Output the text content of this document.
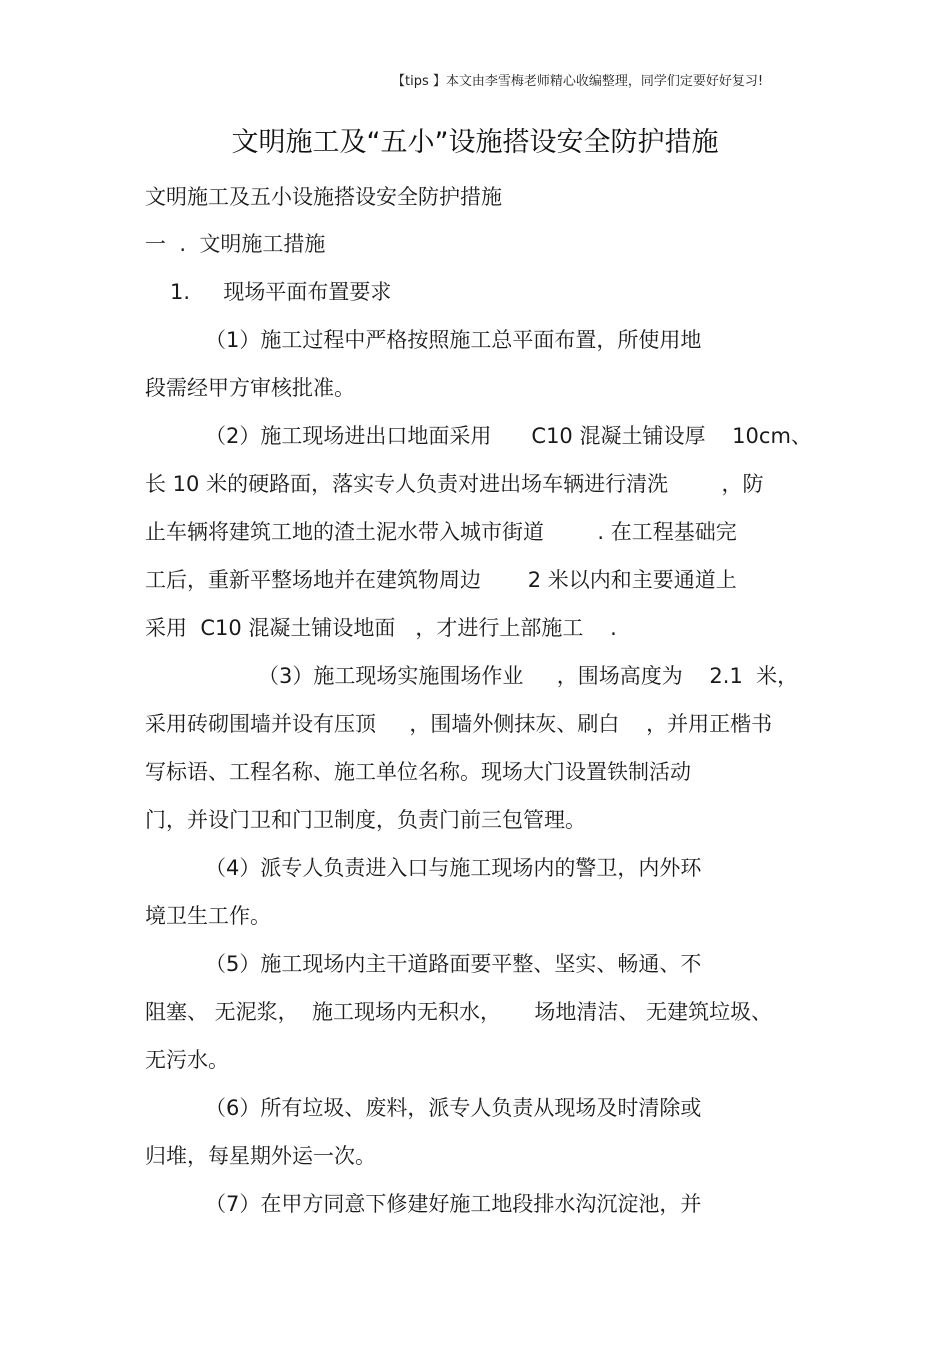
【tips 】本文由李雪梅老师精心收编整理，同学们定要好好复习!
文明施工及“五小”设施搭设安全防护措施
文明施工及五小设施搭设安全防护措施
一  .  文明施工措施
1.     现场平面布置要求
（1）施工过程中严格按照施工总平面布置，所使用地
段需经甲方审核批准。
（2）施工现场进出口地面采用      C10 混凝土铺设厚    10cm、
长 10 米的硬路面，落实专人负责对进出场车辆进行清洗        ，防
止车辆将建筑工地的渣土泥水带入城市街道        . 在工程基础完
工后，重新平整场地并在建筑物周边       2 米以内和主要通道上
采用  C10 混凝土铺设地面   ，才进行上部施工    .
（3）施工现场实施围场作业     ，围场高度为    2.1  米，
采用砖砌围墙并设有压顶     ，围墙外侧抹灰、刷白    ，并用正楷书
写标语、工程名称、施工单位名称。现场大门设置铁制活动
门，并设门卫和门卫制度，负责门前三包管理。
（4）派专人负责进入口与施工现场内的警卫，内外环
境卫生工作。
（5）施工现场内主干道路面要平整、坚实、畅通、不
阻塞、 无泥浆，  施工现场内无积水，     场地清洁、 无建筑垃圾、
无污水。
（6）所有垃圾、废料，派专人负责从现场及时清除或
归堆，每星期外运一次。
（7）在甲方同意下修建好施工地段排水沟沉淀池，并
